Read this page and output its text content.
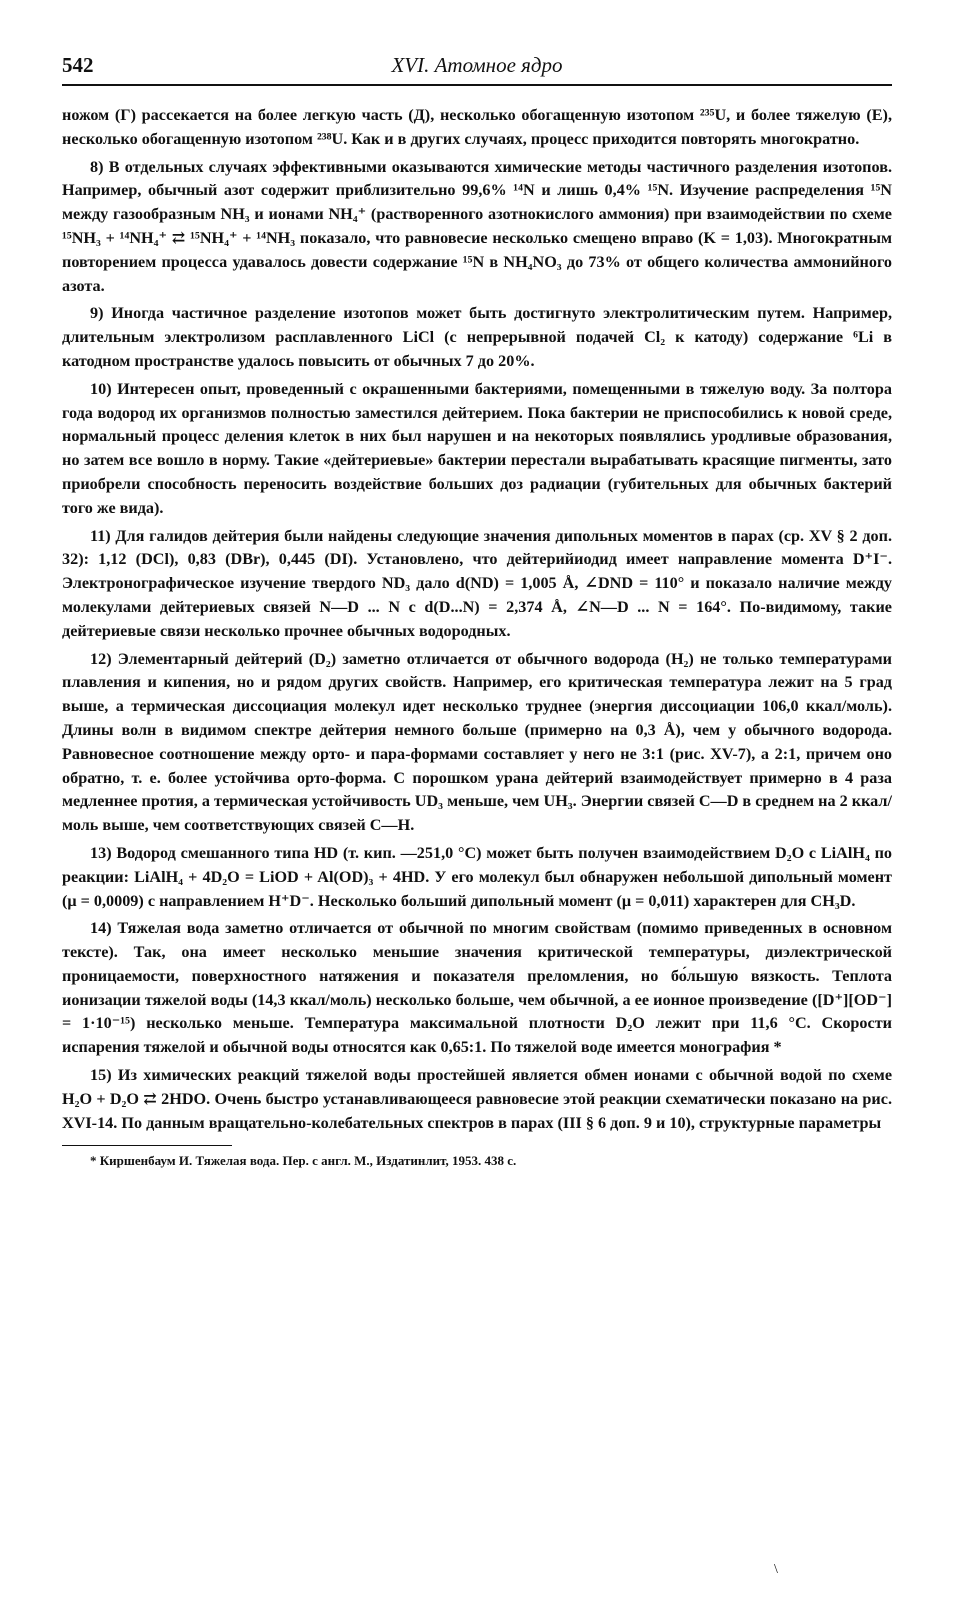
542	XVI. Атомное ядро

ножом (Г) рассекается на более легкую часть (Д), несколько обогащенную изотопом ²³⁵U, и более тяжелую (Е), несколько обогащенную изотопом ²³⁸U. Как и в других случаях, процесс приходится повторять многократно.

8) В отдельных случаях эффективными оказываются химические методы частичного разделения изотопов. Например, обычный азот содержит приблизительно 99,6% ¹⁴N и лишь 0,4% ¹⁵N. Изучение распределения ¹⁵N между газообразным NH₃ и ионами NH₄⁺ (растворенного азотнокислого аммония) при взаимодействии по схеме ¹⁵NH₃ + ¹⁴NH₄⁺ ⇄ ¹⁵NH₄⁺ + ¹⁴NH₃ показало, что равновесие несколько смещено вправо (K = 1,03). Многократным повторением процесса удавалось довести содержание ¹⁵N в NH₄NO₃ до 73% от общего количества аммонийного азота.

9) Иногда частичное разделение изотопов может быть достигнуто электролитическим путем. Например, длительным электролизом расплавленного LiCl (с непрерывной подачей Cl₂ к катоду) содержание ⁶Li в катодном пространстве удалось повысить от обычных 7 до 20%.

10) Интересен опыт, проведенный с окрашенными бактериями, помещенными в тяжелую воду. За полтора года водород их организмов полностью заместился дейтерием. Пока бактерии не приспособились к новой среде, нормальный процесс деления клеток в них был нарушен и на некоторых появлялись уродливые образования, но затем все вошло в норму. Такие «дейтериевые» бактерии перестали вырабатывать красящие пигменты, зато приобрели способность переносить воздействие больших доз радиации (губительных для обычных бактерий того же вида).

11) Для галидов дейтерия были найдены следующие значения дипольных моментов в парах (ср. XV § 2 доп. 32): 1,12 (DCl), 0,83 (DBr), 0,445 (DI). Установлено, что дейтерийиодид имеет направление момента D⁺I⁻. Электронографическое изучение твердого ND₃ дало d(ND) = 1,005 Å, ∠DND = 110° и показало наличие между молекулами дейтериевых связей N—D ... N с d(D...N) = 2,374 Å, ∠N—D ... N = 164°. По-видимому, такие дейтериевые связи несколько прочнее обычных водородных.

12) Элементарный дейтерий (D₂) заметно отличается от обычного водорода (H₂) не только температурами плавления и кипения, но и рядом других свойств. Например, его критическая температура лежит на 5 град выше, а термическая диссоциация молекул идет несколько труднее (энергия диссоциации 106,0 ккал/моль). Длины волн в видимом спектре дейтерия немного больше (примерно на 0,3 Å), чем у обычного водорода. Равновесное соотношение между орто- и пара-формами составляет у него не 3:1 (рис. XV-7), а 2:1, причем оно обратно, т. е. более устойчива орто-форма. С порошком урана дейтерий взаимодействует примерно в 4 раза медленнее протия, а термическая устойчивость UD₃ меньше, чем UH₃. Энергии связей C—D в среднем на 2 ккал/моль выше, чем соответствующих связей C—H.

13) Водород смешанного типа HD (т. кип. —251,0 °C) может быть получен взаимодействием D₂O с LiAlH₄ по реакции: LiAlH₄ + 4D₂O = LiOD + Al(OD)₃ + 4HD. У его молекул был обнаружен небольшой дипольный момент (μ = 0,0009) с направлением H⁺D⁻. Несколько больший дипольный момент (μ = 0,011) характерен для CH₃D.

14) Тяжелая вода заметно отличается от обычной по многим свойствам (помимо приведенных в основном тексте). Так, она имеет несколько меньшие значения критической температуры, диэлектрической проницаемости, поверхностного натяжения и показателя преломления, но бо́льшую вязкость. Теплота ионизации тяжелой воды (14,3 ккал/моль) несколько больше, чем обычной, а ее ионное произведение ([D⁺][OD⁻] = 1·10⁻¹⁵) несколько меньше. Температура максимальной плотности D₂O лежит при 11,6 °C. Скорости испарения тяжелой и обычной воды относятся как 0,65:1. По тяжелой воде имеется монография *

15) Из химических реакций тяжелой воды простейшей является обмен ионами с обычной водой по схеме H₂O + D₂O ⇄ 2HDO. Очень быстро устанавливающееся равновесие этой реакции схематически показано на рис. XVI-14. По данным вращательно-колебательных спектров в парах (III § 6 доп. 9 и 10), структурные параметры

* Киршенбаум И. Тяжелая вода. Пер. с англ. М., Издатинлит, 1953. 438 с.

\
